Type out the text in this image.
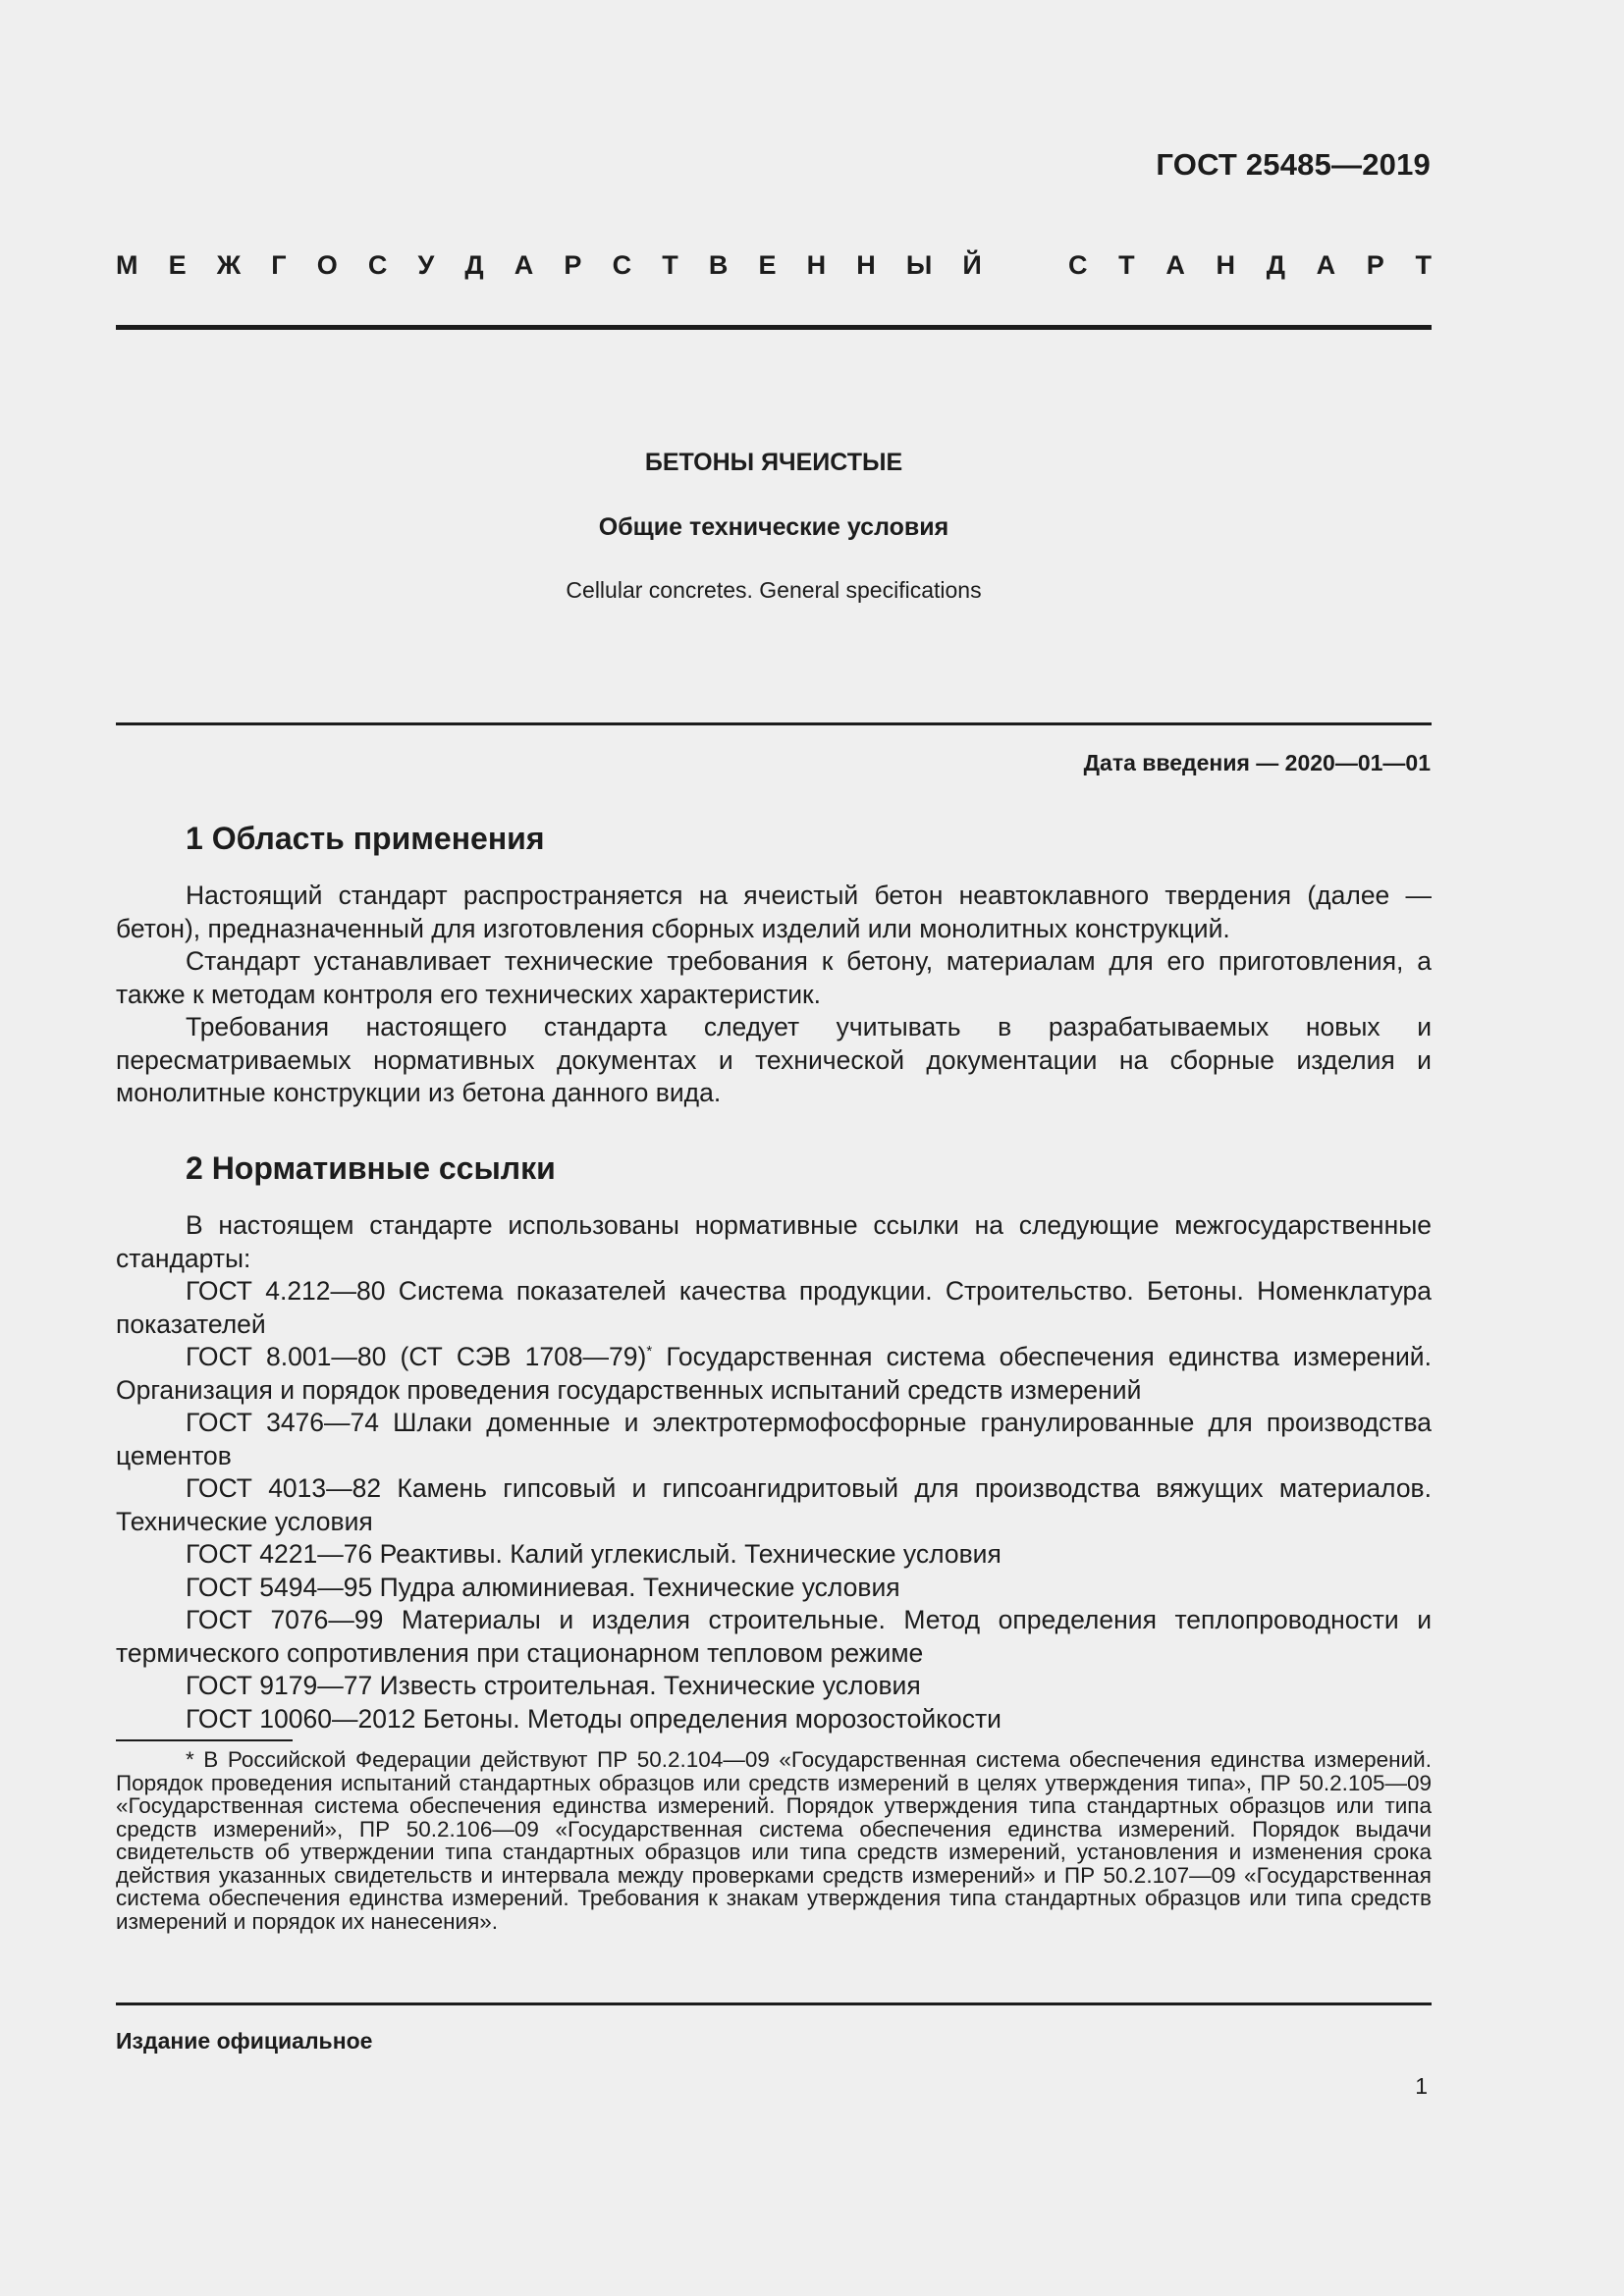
ГОСТ 25485—2019
М Е Ж Г О С У Д А Р С Т В Е Н Н Ы Й	С Т А Н Д А Р Т
БЕТОНЫ ЯЧЕИСТЫЕ
Общие технические условия
Cellular concretes. General specifications
Дата введения — 2020—01—01
1 Область применения

Настоящий стандарт распространяется на ячеистый бетон неавтоклавного твердения (далее — бетон), предназначенный для изготовления сборных изделий или монолитных конструкций.

Стандарт устанавливает технические требования к бетону, материалам для его приготовления, а также к методам контроля его технических характеристик.

Требования настоящего стандарта следует учитывать в разрабатываемых новых и пересматриваемых нормативных документах и технической документации на сборные изделия и монолитные конструкции из бетона данного вида.

2 Нормативные ссылки

В настоящем стандарте использованы нормативные ссылки на следующие межгосударственные стандарты:

ГОСТ 4.212—80 Система показателей качества продукции. Строительство. Бетоны. Номенклатура показателей

ГОСТ 8.001—80 (СТ СЭВ 1708—79)* Государственная система обеспечения единства измерений. Организация и порядок проведения государственных испытаний средств измерений

ГОСТ 3476—74 Шлаки доменные и электротермофосфорные гранулированные для производства цементов

ГОСТ 4013—82 Камень гипсовый и гипсоангидритовый для производства вяжущих материалов. Технические условия

ГОСТ 4221—76 Реактивы. Калий углекислый. Технические условия

ГОСТ 5494—95 Пудра алюминиевая. Технические условия

ГОСТ 7076—99 Материалы и изделия строительные. Метод определения теплопроводности и термического сопротивления при стационарном тепловом режиме

ГОСТ 9179—77 Известь строительная. Технические условия

ГОСТ 10060—2012 Бетоны. Методы определения морозостойкости

* В Российской Федерации действуют ПР 50.2.104—09 «Государственная система обеспечения единства измерений. Порядок проведения испытаний стандартных образцов или средств измерений в целях утверждения типа», ПР 50.2.105—09 «Государственная система обеспечения единства измерений. Порядок утверждения типа стандартных образцов или типа средств измерений», ПР 50.2.106—09 «Государственная система обеспечения единства измерений. Порядок выдачи свидетельств об утверждении типа стандартных образцов или типа средств измерений, установления и изменения срока действия указанных свидетельств и интервала между проверками средств измерений» и ПР 50.2.107—09 «Государственная система обеспечения единства измерений. Требования к знакам утверждения типа стандартных образцов или типа средств измерений и порядок их нанесения».

Издание официальное
1
